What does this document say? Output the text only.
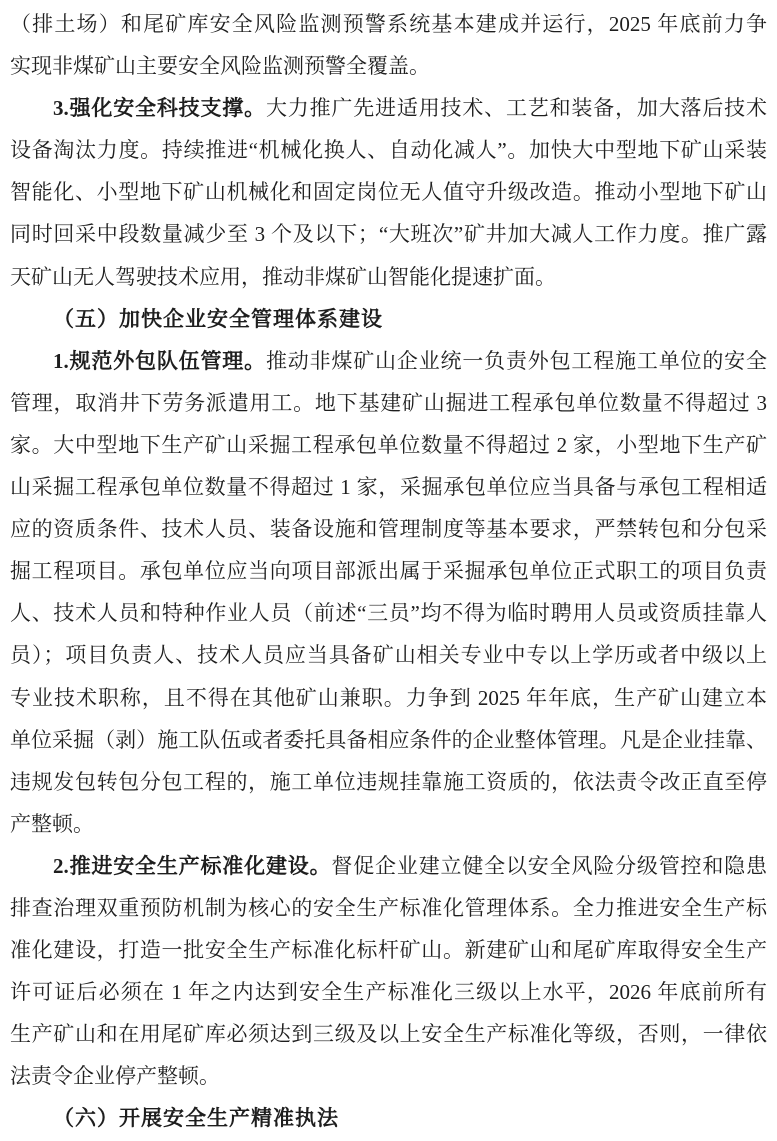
（排土场）和尾矿库安全风险监测预警系统基本建成并运行，2025 年底前力争
实现非煤矿山主要安全风险监测预警全覆盖。
3.强化安全科技支撑。大力推广先进适用技术、工艺和装备，加大落后技术
设备淘汰力度。持续推进“机械化换人、自动化减人”。加快大中型地下矿山采装
智能化、小型地下矿山机械化和固定岗位无人值守升级改造。推动小型地下矿山
同时回采中段数量减少至 3 个及以下；“大班次”矿井加大减人工作力度。推广露
天矿山无人驾驶技术应用，推动非煤矿山智能化提速扩面。
（五）加快企业安全管理体系建设
1.规范外包队伍管理。推动非煤矿山企业统一负责外包工程施工单位的安全
管理，取消井下劳务派遣用工。地下基建矿山掘进工程承包单位数量不得超过 3
家。大中型地下生产矿山采掘工程承包单位数量不得超过 2 家，小型地下生产矿
山采掘工程承包单位数量不得超过 1 家，采掘承包单位应当具备与承包工程相适
应的资质条件、技术人员、装备设施和管理制度等基本要求，严禁转包和分包采
掘工程项目。承包单位应当向项目部派出属于采掘承包单位正式职工的项目负责
人、技术人员和特种作业人员（前述“三员”均不得为临时聘用人员或资质挂靠人
员）；项目负责人、技术人员应当具备矿山相关专业中专以上学历或者中级以上
专业技术职称，且不得在其他矿山兼职。力争到 2025 年年底，生产矿山建立本
单位采掘（剥）施工队伍或者委托具备相应条件的企业整体管理。凡是企业挂靠、
违规发包转包分包工程的，施工单位违规挂靠施工资质的，依法责令改正直至停
产整顿。
2.推进安全生产标准化建设。督促企业建立健全以安全风险分级管控和隐患
排查治理双重预防机制为核心的安全生产标准化管理体系。全力推进安全生产标
准化建设，打造一批安全生产标准化标杆矿山。新建矿山和尾矿库取得安全生产
许可证后必须在 1 年之内达到安全生产标准化三级以上水平，2026 年底前所有
生产矿山和在用尾矿库必须达到三级及以上安全生产标准化等级，否则，一律依
法责令企业停产整顿。
（六）开展安全生产精准执法
